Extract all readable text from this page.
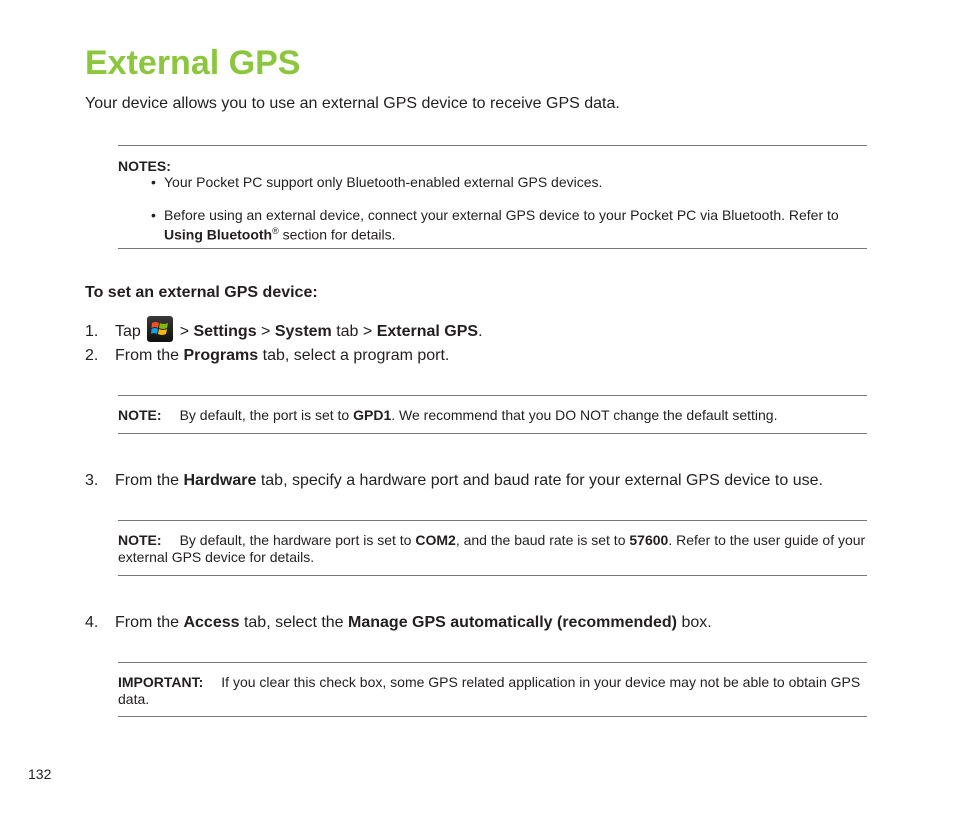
External GPS
Your device allows you to use an external GPS device to receive GPS data.
NOTES:
• Your Pocket PC support only Bluetooth-enabled external GPS devices.
• Before using an external device, connect your external GPS device to your Pocket PC via Bluetooth. Refer to Using Bluetooth® section for details.
To set an external GPS device:
1. Tap
> Settings > System tab > External GPS.
2. From the Programs tab, select a program port.
NOTE: By default, the port is set to GPD1. We recommend that you DO NOT change the default setting.
3. From the Hardware tab, specify a hardware port and baud rate for your external GPS device to use.
NOTE: By default, the hardware port is set to COM2, and the baud rate is set to 57600. Refer to the user guide of your external GPS device for details.
4. From the Access tab, select the Manage GPS automatically (recommended) box.
IMPORTANT: If you clear this check box, some GPS related application in your device may not be able to obtain GPS data.
132
